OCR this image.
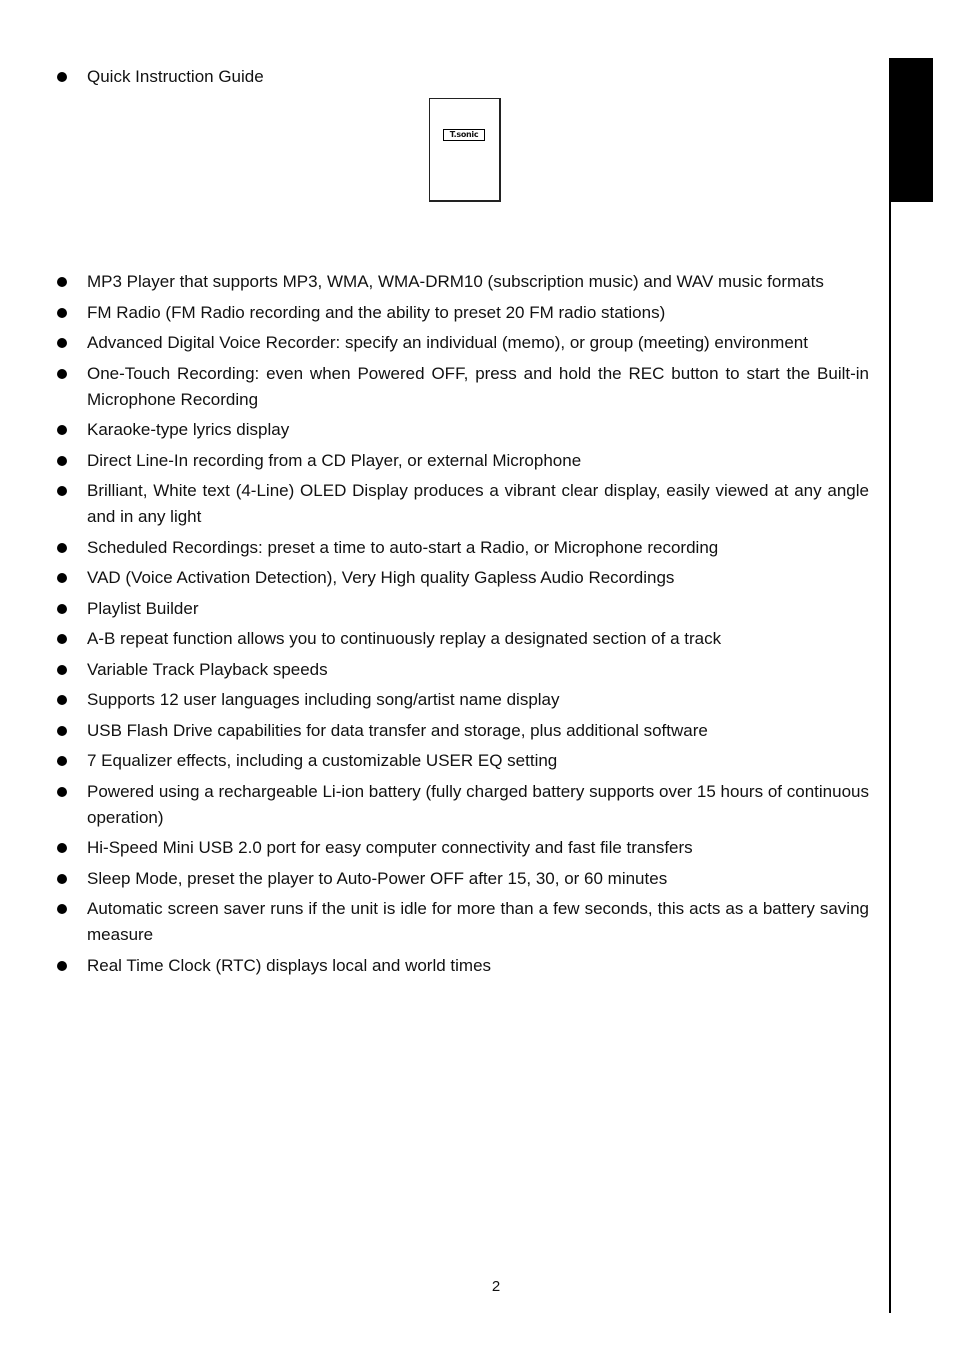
Quick Instruction Guide
T.sonic
MP3 Player that supports MP3, WMA, WMA-DRM10 (subscription music) and WAV music formats
FM Radio (FM Radio recording and the ability to preset 20 FM radio stations)
Advanced Digital Voice Recorder: specify an individual (memo), or group (meeting) environment
One-Touch Recording: even when Powered OFF, press and hold the REC button to start the Built-in Microphone Recording
Karaoke-type lyrics display
Direct Line-In recording from a CD Player, or external Microphone
Brilliant, White text (4-Line) OLED Display produces a vibrant clear display, easily viewed at any angle and in any light
Scheduled Recordings: preset a time to auto-start a Radio, or Microphone recording
VAD (Voice Activation Detection), Very High quality Gapless Audio Recordings
Playlist Builder
A-B repeat function allows you to continuously replay a designated section of a track
Variable Track Playback speeds
Supports 12 user languages including song/artist name display
USB Flash Drive capabilities for data transfer and storage, plus additional software
7 Equalizer effects, including a customizable USER EQ setting
Powered using a rechargeable Li-ion battery (fully charged battery supports over 15 hours of continuous operation)
Hi-Speed Mini USB 2.0 port for easy computer connectivity and fast file transfers
Sleep Mode, preset the player to Auto-Power OFF after 15, 30, or 60 minutes
Automatic screen saver runs if the unit is idle for more than a few seconds, this acts as a battery saving measure
Real Time Clock (RTC) displays local and world times
2
